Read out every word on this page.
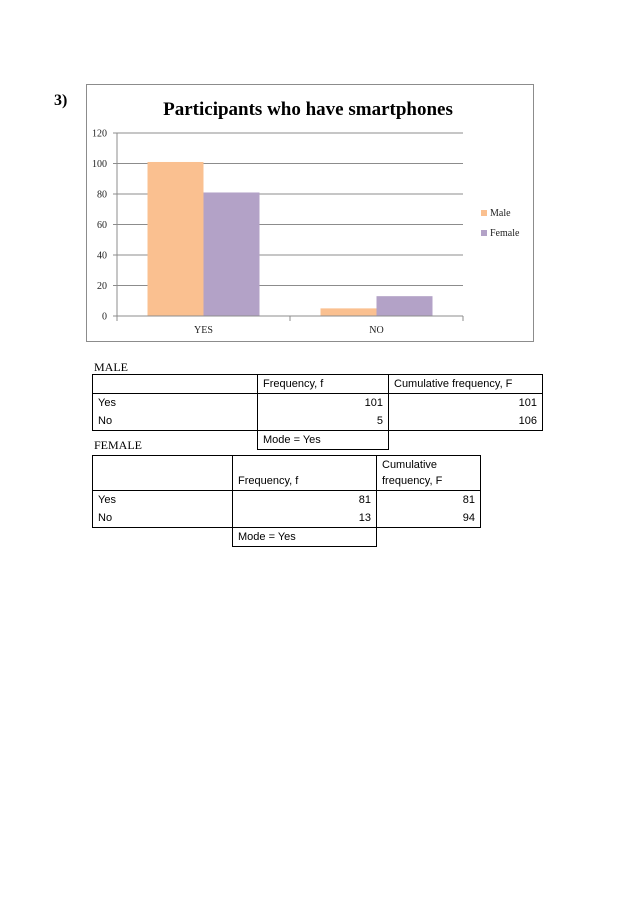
3)	Participants who have smartphones
0
20
40
60
80
100
120
YES	NO
Male
Female
MALE
	Frequency, f	Cumulative frequency, F
Yes	101	101
No	5	106
	Mode = Yes	
FEMALE
	Frequency, f	Cumulative
frequency, F
Yes	81	81
No	13	94
	Mode = Yes	
